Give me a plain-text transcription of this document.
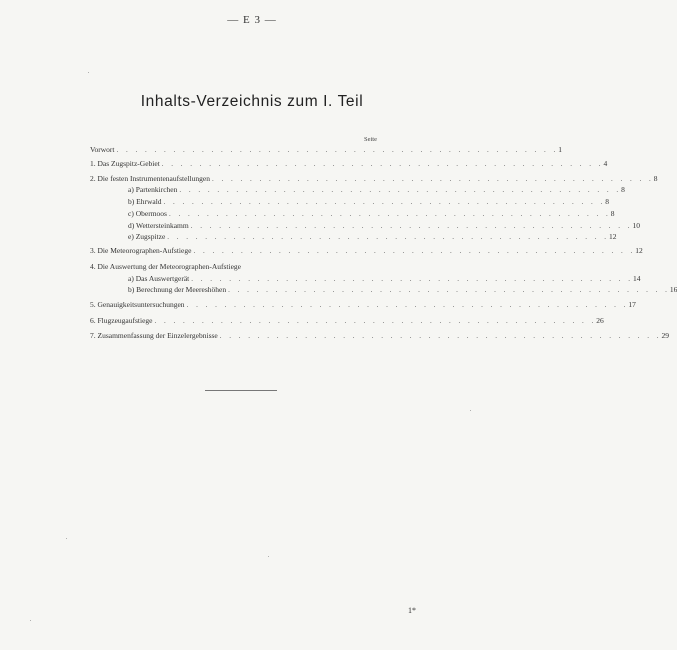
— E 3 —
Inhalts-Verzeichnis zum I. Teil
Seite
Vorwort . . . . . . . . . . . . . . . . . . . . . . . . . . . . . . . . . . . . . . . . . . . . . . . 1
1. Das Zugspitz-Gebiet . . . . . . . . . . . . . . . . . . . . . . . . . . . . . . . . . . . . . . . . . . . . . . . 4
2. Die festen Instrumentenaufstellungen . . . . . . . . . . . . . . . . . . . . . . . . . . . . . . . . . . . . . . . . . . . . . . . 8
a) Partenkirchen . . . . . . . . . . . . . . . . . . . . . . . . . . . . . . . . . . . . . . . . . . . . . . . 8
b) Ehrwald . . . . . . . . . . . . . . . . . . . . . . . . . . . . . . . . . . . . . . . . . . . . . . . 8
c) Obermoos . . . . . . . . . . . . . . . . . . . . . . . . . . . . . . . . . . . . . . . . . . . . . . . 8
d) Wettersteinkamm . . . . . . . . . . . . . . . . . . . . . . . . . . . . . . . . . . . . . . . . . . . . . . . 10
e) Zugspitze . . . . . . . . . . . . . . . . . . . . . . . . . . . . . . . . . . . . . . . . . . . . . . . 12
3. Die Meteorographen-Aufstiege . . . . . . . . . . . . . . . . . . . . . . . . . . . . . . . . . . . . . . . . . . . . . . . 12
4. Die Auswertung der Meteorographen-Aufstiege
a) Das Auswertgerät . . . . . . . . . . . . . . . . . . . . . . . . . . . . . . . . . . . . . . . . . . . . . . . 14
b) Berechnung der Meereshöhen . . . . . . . . . . . . . . . . . . . . . . . . . . . . . . . . . . . . . . . . . . . . . . . 16
5. Genauigkeitsuntersuchungen . . . . . . . . . . . . . . . . . . . . . . . . . . . . . . . . . . . . . . . . . . . . . . . 17
6. Flugzeugaufstiege . . . . . . . . . . . . . . . . . . . . . . . . . . . . . . . . . . . . . . . . . . . . . . . 26
7. Zusammenfassung der Einzelergebnisse . . . . . . . . . . . . . . . . . . . . . . . . . . . . . . . . . . . . . . . . . . . . . . . 29
1*
